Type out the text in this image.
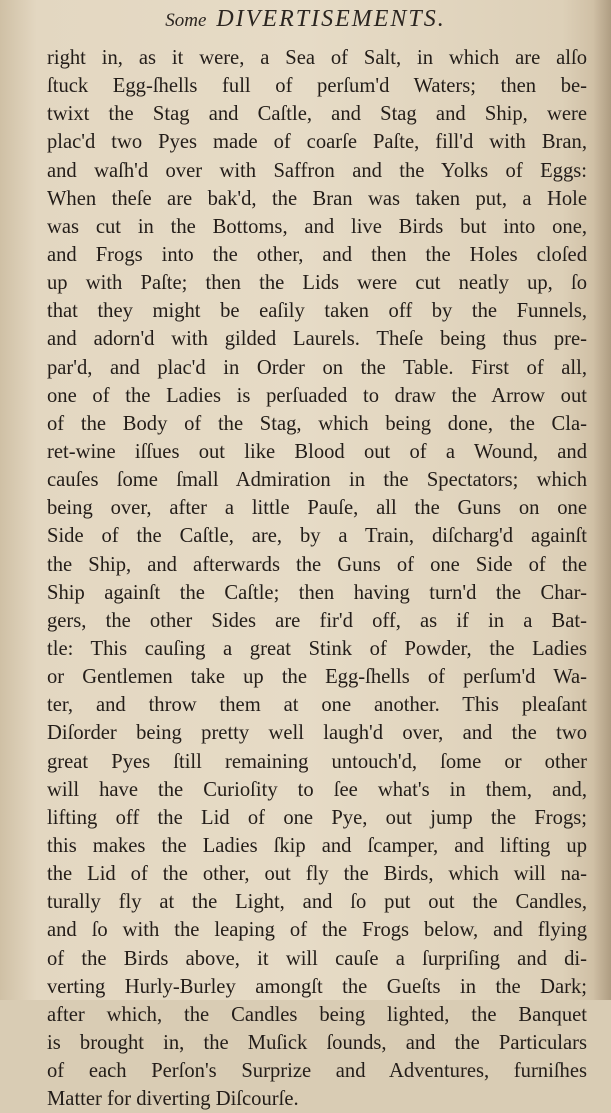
Some DIVERTISEMENTS.
right in, as it were, a Sea of Salt, in which are alſo
ſtuck Egg-ſhells full of perſum'd Waters; then be-
twixt the Stag and Caſtle, and Stag and Ship, were
plac'd two Pyes made of coarſe Paſte, fill'd with Bran,
and waſh'd over with Saffron and the Yolks of Eggs:
When theſe are bak'd, the Bran was taken put, a Hole
was cut in the Bottoms, and live Birds but into one,
and Frogs into the other, and then the Holes cloſed
up with Paſte; then the Lids were cut neatly up, ſo
that they might be eaſily taken off by the Funnels,
and adorn'd with gilded Laurels. Theſe being thus pre-
par'd, and plac'd in Order on the Table. First of all,
one of the Ladies is perſuaded to draw the Arrow out
of the Body of the Stag, which being done, the Cla-
ret-wine iſſues out like Blood out of a Wound, and
cauſes ſome ſmall Admiration in the Spectators; which
being over, after a little Pauſe, all the Guns on one
Side of the Caſtle, are, by a Train, diſcharg'd againſt
the Ship, and afterwards the Guns of one Side of the
Ship againſt the Caſtle; then having turn'd the Char-
gers, the other Sides are fir'd off, as if in a Bat-
tle: This cauſing a great Stink of Powder, the Ladies
or Gentlemen take up the Egg-ſhells of perſum'd Wa-
ter, and throw them at one another. This pleaſant
Diſorder being pretty well laugh'd over, and the two
great Pyes ſtill remaining untouch'd, ſome or other
will have the Curioſity to ſee what's in them, and,
lifting off the Lid of one Pye, out jump the Frogs;
this makes the Ladies ſkip and ſcamper, and lifting up
the Lid of the other, out fly the Birds, which will na-
turally fly at the Light, and ſo put out the Candles,
and ſo with the leaping of the Frogs below, and flying
of the Birds above, it will cauſe a ſurpriſing and di-
verting Hurly-Burley amongſt the Gueſts in the Dark;
after which, the Candles being lighted, the Banquet
is brought in, the Muſick ſounds, and the Particulars
of each Perſon's Surprize and Adventures, furniſhes
Matter for diverting Diſcourſe.
